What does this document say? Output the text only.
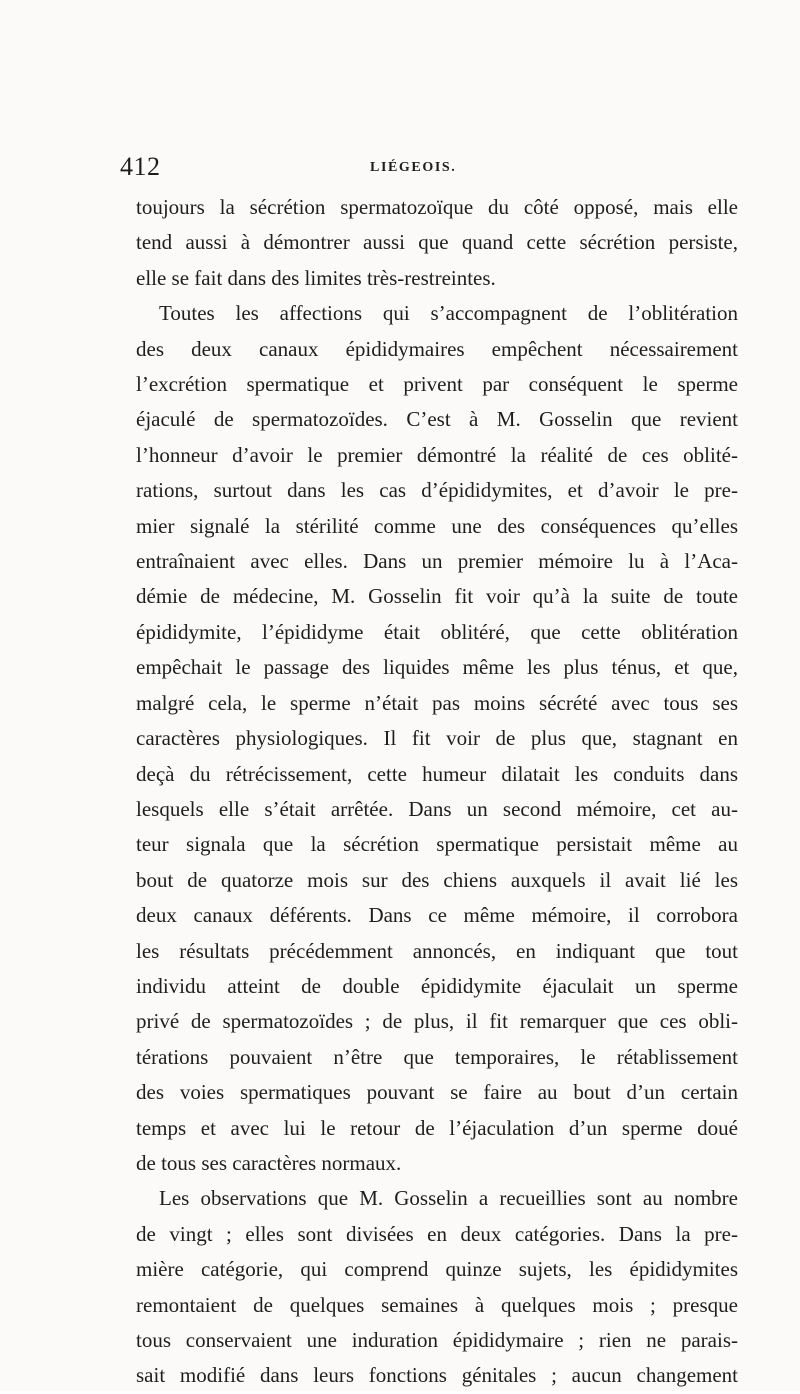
412	LIÉGEOIS.
toujours la sécrétion spermatozoïque du côté opposé, mais elle
tend aussi à démontrer aussi que quand cette sécrétion persiste,
elle se fait dans des limites très-restreintes.
Toutes les affections qui s’accompagnent de l’oblitération
des deux canaux épididymaires empêchent nécessairement
l’excrétion spermatique et privent par conséquent le sperme
éjaculé de spermatozoïdes. C’est à M. Gosselin que revient
l’honneur d’avoir le premier démontré la réalité de ces oblité-
rations, surtout dans les cas d’épididymites, et d’avoir le pre-
mier signalé la stérilité comme une des conséquences qu’elles
entraînaient avec elles. Dans un premier mémoire lu à l’Aca-
démie de médecine, M. Gosselin fit voir qu’à la suite de toute
épididymite, l’épididyme était oblitéré, que cette oblitération
empêchait le passage des liquides même les plus ténus, et que,
malgré cela, le sperme n’était pas moins sécrété avec tous ses
caractères physiologiques. Il fit voir de plus que, stagnant en
deçà du rétrécissement, cette humeur dilatait les conduits dans
lesquels elle s’était arrêtée. Dans un second mémoire, cet au-
teur signala que la sécrétion spermatique persistait même au
bout de quatorze mois sur des chiens auxquels il avait lié les
deux canaux déférents. Dans ce même mémoire, il corrobora
les résultats précédemment annoncés, en indiquant que tout
individu atteint de double épididymite éjaculait un sperme
privé de spermatozoïdes ; de plus, il fit remarquer que ces obli-
térations pouvaient n’être que temporaires, le rétablissement
des voies spermatiques pouvant se faire au bout d’un certain
temps et avec lui le retour de l’éjaculation d’un sperme doué
de tous ses caractères normaux.
Les observations que M. Gosselin a recueillies sont au nombre
de vingt ; elles sont divisées en deux catégories. Dans la pre-
mière catégorie, qui comprend quinze sujets, les épididymites
remontaient de quelques semaines à quelques mois ; presque
tous conservaient une induration épididymaire ; rien ne parais-
sait modifié dans leurs fonctions génitales ; aucun changement
